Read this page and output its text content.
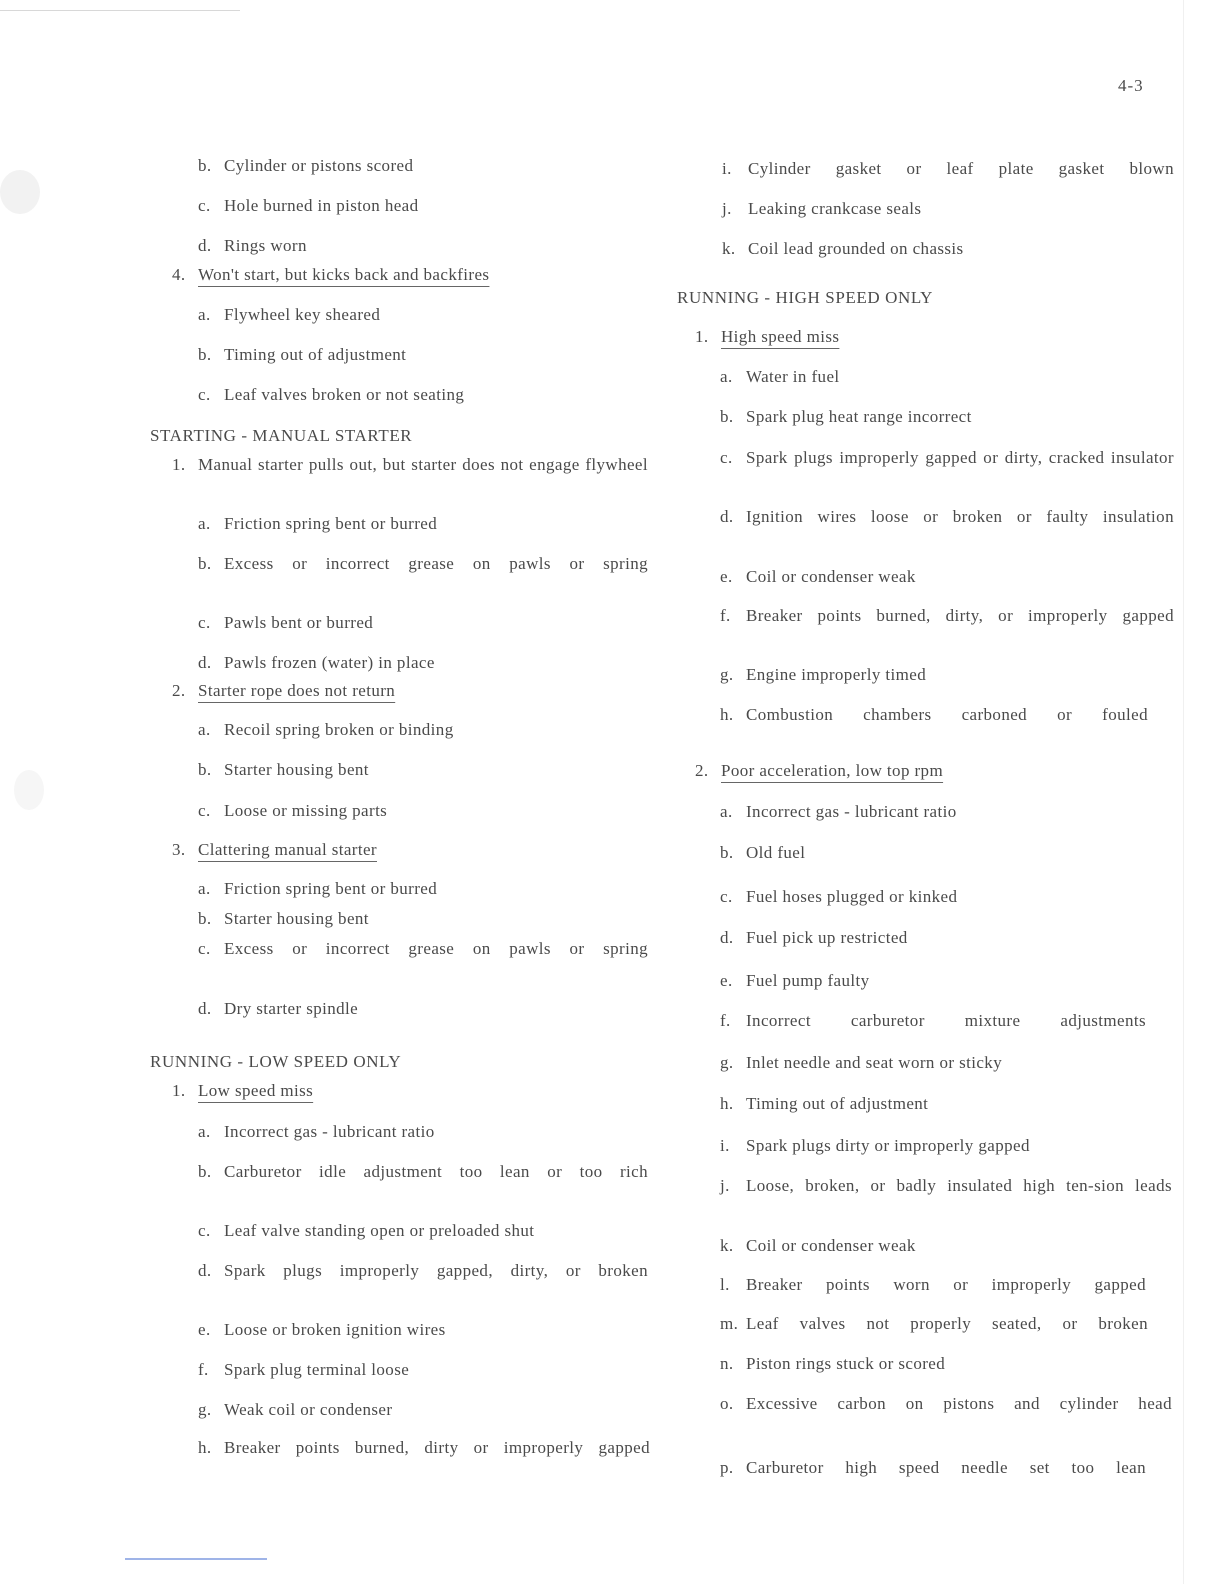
4-3
b. Cylinder or pistons scored
c. Hole burned in piston head
d. Rings worn
4. Won't start, but kicks back and backfires
a. Flywheel key sheared
b. Timing out of adjustment
c. Leaf valves broken or not seating
STARTING - MANUAL STARTER
1. Manual starter pulls out, but starter does not engage flywheel
a. Friction spring bent or burred
b. Excess or incorrect grease on pawls or spring
c. Pawls bent or burred
d. Pawls frozen (water) in place
2. Starter rope does not return
a. Recoil spring broken or binding
b. Starter housing bent
c. Loose or missing parts
3. Clattering manual starter
a. Friction spring bent or burred
b. Starter housing bent
c. Excess or incorrect grease on pawls or spring
d. Dry starter spindle
RUNNING - LOW SPEED ONLY
1. Low speed miss
a. Incorrect gas - lubricant ratio
b. Carburetor idle adjustment too lean or too rich
c. Leaf valve standing open or preloaded shut
d. Spark plugs improperly gapped, dirty, or broken
e. Loose or broken ignition wires
f. Spark plug terminal loose
g. Weak coil or condenser
h. Breaker points burned, dirty or improperly gapped
i. Cylinder gasket or leaf plate gasket blown
j. Leaking crankcase seals
k. Coil lead grounded on chassis
RUNNING - HIGH SPEED ONLY
1. High speed miss
a. Water in fuel
b. Spark plug heat range incorrect
c. Spark plugs improperly gapped or dirty, cracked insulator
d. Ignition wires loose or broken or faulty insulation
e. Coil or condenser weak
f. Breaker points burned, dirty, or improperly gapped
g. Engine improperly timed
h. Combustion chambers carboned or fouled
2. Poor acceleration, low top rpm
a. Incorrect gas - lubricant ratio
b. Old fuel
c. Fuel hoses plugged or kinked
d. Fuel pick up restricted
e. Fuel pump faulty
f. Incorrect carburetor mixture adjustments
g. Inlet needle and seat worn or sticky
h. Timing out of adjustment
i. Spark plugs dirty or improperly gapped
j. Loose, broken, or badly insulated high ten-sion leads
k. Coil or condenser weak
l. Breaker points worn or improperly gapped
m. Leaf valves not properly seated, or broken
n. Piston rings stuck or scored
o. Excessive carbon on pistons and cylinder head
p. Carburetor high speed needle set too lean
